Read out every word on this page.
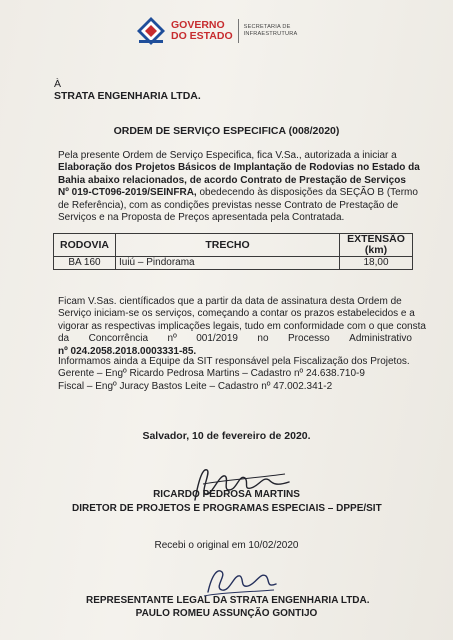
GOVERNO
DO ESTADO
SECRETARIA DE
INFRAESTRUTURA
À
STRATA ENGENHARIA LTDA.
ORDEM DE SERVIÇO ESPECIFICA (008/2020)
Pela presente Ordem de Serviço Especifica, fica V.Sa., autorizada a iniciar a
Elaboração dos Projetos Básicos de Implantação de Rodovias no Estado da
Bahia abaixo relacionados, de acordo Contrato de Prestação de Serviços
Nº 019-CT096-2019/SEINFRA, obedecendo às disposições da SEÇÃO B (Termo
de Referência), com as condições previstas nesse Contrato de Prestação de
Serviços e na Proposta de Preços apresentada pela Contratada.
RODOVIA	TRECHO	EXTENSÃO (km)
BA 160	Iuiú – Pindorama	18,00
Ficam V.Sas. científicados que a partir da data de assinatura desta Ordem de
Serviço iniciam-se os serviços, começando a contar os prazos estabelecidos e a
vigorar as respectivas implicações legais, tudo em conformidade com o que consta
da Concorrência nº 001/2019 no Processo Administrativo
nº 024.2058.2018.0003331-85.
Informamos ainda a Equipe da SIT responsável pela Fiscalização dos Projetos.
Gerente – Engº Ricardo Pedrosa Martins – Cadastro nº 24.638.710-9
Fiscal – Engº Juracy Bastos Leite – Cadastro nº 47.002.341-2
Salvador, 10 de fevereiro de 2020.
RICARDO PEDROSA MARTINS
DIRETOR DE PROJETOS E PROGRAMAS ESPECIAIS – DPPE/SIT
Recebi o original em 10/02/2020
REPRESENTANTE LEGAL DA STRATA ENGENHARIA LTDA.
PAULO ROMEU ASSUNÇÃO GONTIJO
